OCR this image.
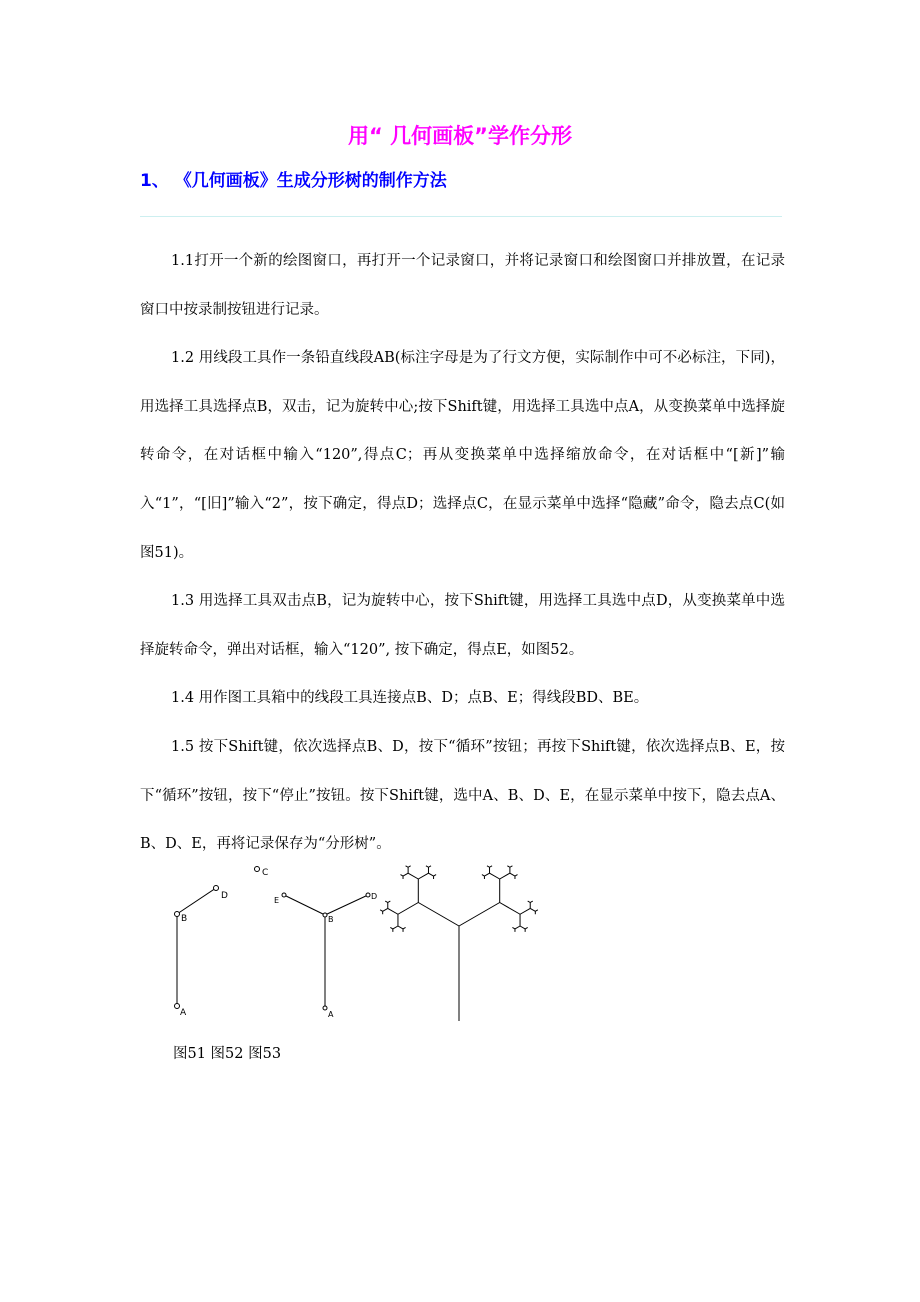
用“ 几何画板”学作分形
1、 《几何画板》生成分形树的制作方法

1.1打开一个新的绘图窗口，再打开一个记录窗口，并将记录窗口和绘图窗口并排放置，在记录窗口中按录制按钮进行记录。

1.2 用线段工具作一条铅直线段AB(标注字母是为了行文方便，实际制作中可不必标注，下同)，用选择工具选择点B，双击，记为旋转中心;按下Shift键，用选择工具选中点A，从变换菜单中选择旋转命令，在对话框中输入“120”,得点C；再从变换菜单中选择缩放命令，在对话框中“[新]”输入“1”，“[旧]”输入“2”，按下确定，得点D；选择点C，在显示菜单中选择“隐藏”命令，隐去点C(如图51)。

1.3 用选择工具双击点B，记为旋转中心，按下Shift键，用选择工具选中点D，从变换菜单中选择旋转命令，弹出对话框，输入“120”, 按下确定，得点E，如图52。

1.4 用作图工具箱中的线段工具连接点B、D；点B、E；得线段BD、BE。

1.5 按下Shift键，依次选择点B、D，按下“循环”按钮；再按下Shift键，依次选择点B、E，按下“循环”按钮，按下“停止”按钮。按下Shift键，选中A、B、D、E，在显示菜单中按下，隐去点A、B、D、E，再将记录保存为“分形树”。

A
B
D
C
E
B
D
A
图51 图52 图53
